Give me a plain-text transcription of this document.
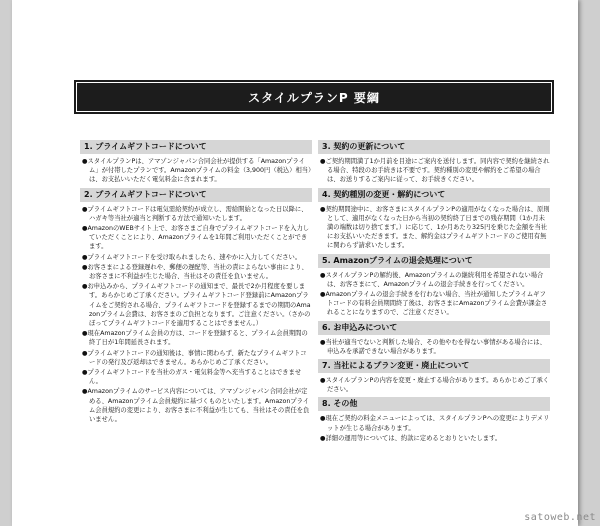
スタイルプランP 要綱
1. プライムギフトコードについて
●スタイルプランPは、アマゾンジャパン合同会社が提供する「Amazonプライム」が付帯したプランです。Amazonプライムの料金（3,900円（税込）相当）は、お支払いいただく電気料金に含まれます。
2. プライムギフトコードについて
●プライムギフトコードは電気需給契約が成立し、需給開始となった日以降に、ハガキ等当社が適当と判断する方法で通知いたします。
●AmazonのWEBサイト上で、お客さまご自身でプライムギフトコードを入力していただくことにより、Amazonプライムを1年間ご利用いただくことができます。
●プライムギフトコードを受け取られましたら、速やかに入力してください。
●お客さまによる登録遅れや、郵便の遅配等、当社の責によらない事由により、お客さまに不利益が生じた場合、当社はその責任を負いません。
●お申込みから、プライムギフトコードの通知まで、最長で2か月程度を要します。あらかじめご了承ください。プライムギフトコード登録前にAmazonプライムをご契約される場合、プライムギフトコードを登録するまでの期間のAmazonプライム会費は、お客さまのご負担となります。ご注意ください。（さかのぼってプライムギフトコードを適用することはできません。）
●現在Amazonプライム会員の方は、コードを登録すると、プライム会員期間の終了日が1年間延長されます。
●プライムギフトコードの通知後は、事情に関わらず、新たなプライムギフトコードの発行及び返却はできません。あらかじめご了承ください。
●プライムギフトコードを当社のガス・電気料金等へ充当することはできません。
●Amazonプライムのサービス内容については、アマゾンジャパン合同会社が定める、Amazonプライム会員規約に基づくものといたします。Amazonプライム会員規約の変更により、お客さまに不利益が生じても、当社はその責任を負いません。
3. 契約の更新について
●ご契約期間満了1か月前を目途にご案内を送付します。同内容で契約を継続される場合、特段のお手続きは不要です。契約種別の変更や解約をご希望の場合は、お送りするご案内に従って、お手続きください。
4. 契約種別の変更・解約について
●契約期間途中に、お客さまにスタイルプランPの適用がなくなった場合は、原則として、適用がなくなった日から当初の契約終了日までの残存期間（1か月未満の端数は切り捨てます。）に応じて、1か月あたり325円を乗じた金額を当社にお支払いいただきます。また、解約金はプライムギフトコードのご使用有無に関わらず請求いたします。
5. Amazonプライムの退会処理について
●スタイルプランPの解約後、Amazonプライムの継続利用を希望されない場合は、お客さまにて、Amazonプライムの退会手続きを行ってください。
●Amazonプライムの退会手続きを行わない場合、当社が通知したプライムギフトコードの有料会員期間終了後は、お客さまにAmazonプライム会費が課金されることになりますので、ご注意ください。
6. お申込みについて
●当社が適当でないと判断した場合、その他やむを得ない事情がある場合には、申込みを承諾できない場合があります。
7. 当社によるプラン変更・廃止について
●スタイルプランPの内容を変更・廃止する場合があります。あらかじめご了承ください。
8. その他
●現在ご契約の料金メニューによっては、スタイルプランPへの変更によりデメリットが生じる場合があります。
●詳細の運用等については、約款に定めるとおりといたします。
satoweb.net
